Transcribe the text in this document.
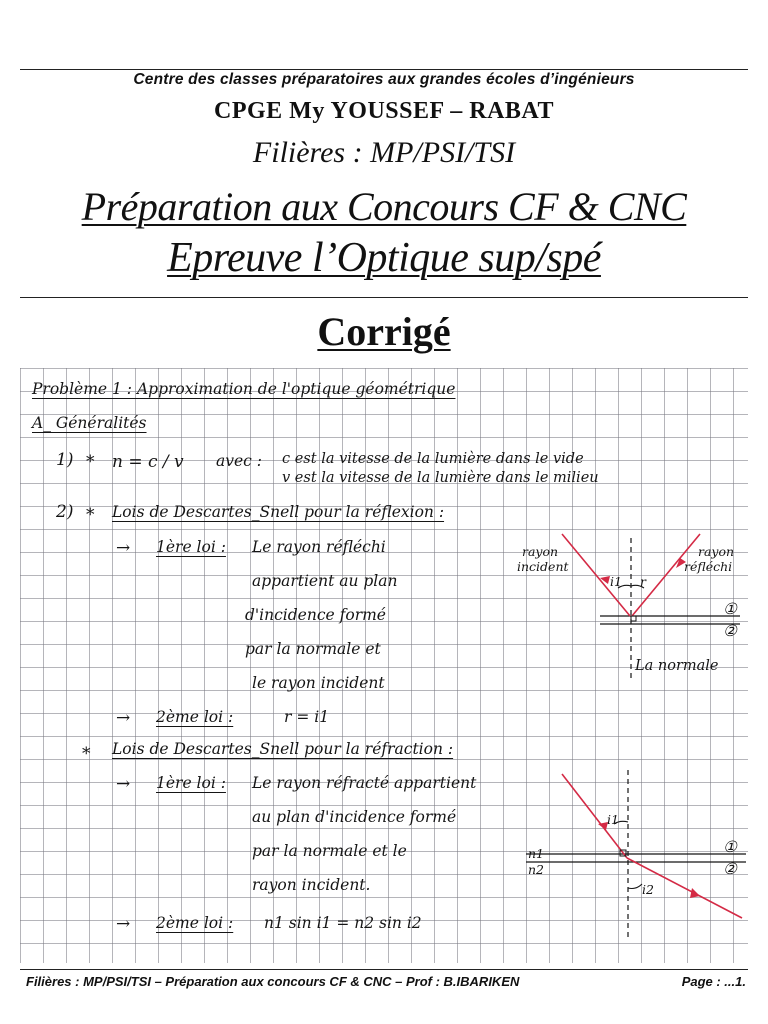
Centre des classes préparatoires aux grandes écoles d’ingénieurs
CPGE My YOUSSEF – RABAT
Filières : MP/PSI/TSI
Préparation aux Concours CF & CNC
Epreuve l’Optique sup/spé
Corrigé
Problème 1 : Approximation de l'optique géométrique
A_ Généralités
1) * n = c / v avec : c est la vitesse de la lumière dans le vide
v est la vitesse de la lumière dans le milieu
2) * Lois de Descartes_Snell pour la réflexion :
→ 1ère loi : Le rayon réfléchi
appartient au plan
d'incidence formé
par la normale et
le rayon incident
→ 2ème loi :	r = i1
* Lois de Descartes_Snell pour la réfraction :
→ 1ère loi : Le rayon réfracté appartient
au plan d'incidence formé
par la normale et le
rayon incident.
→ 2ème loi : n1 sin i1 = n2 sin i2
rayon
incident
rayon
réfléchi
i1 r
①
②
La normale
n1
n2
i1
i2
①
②
Filières : MP/PSI/TSI – Préparation aux concours CF & CNC – Prof : B.IBARIKEN	Page : ...1.
